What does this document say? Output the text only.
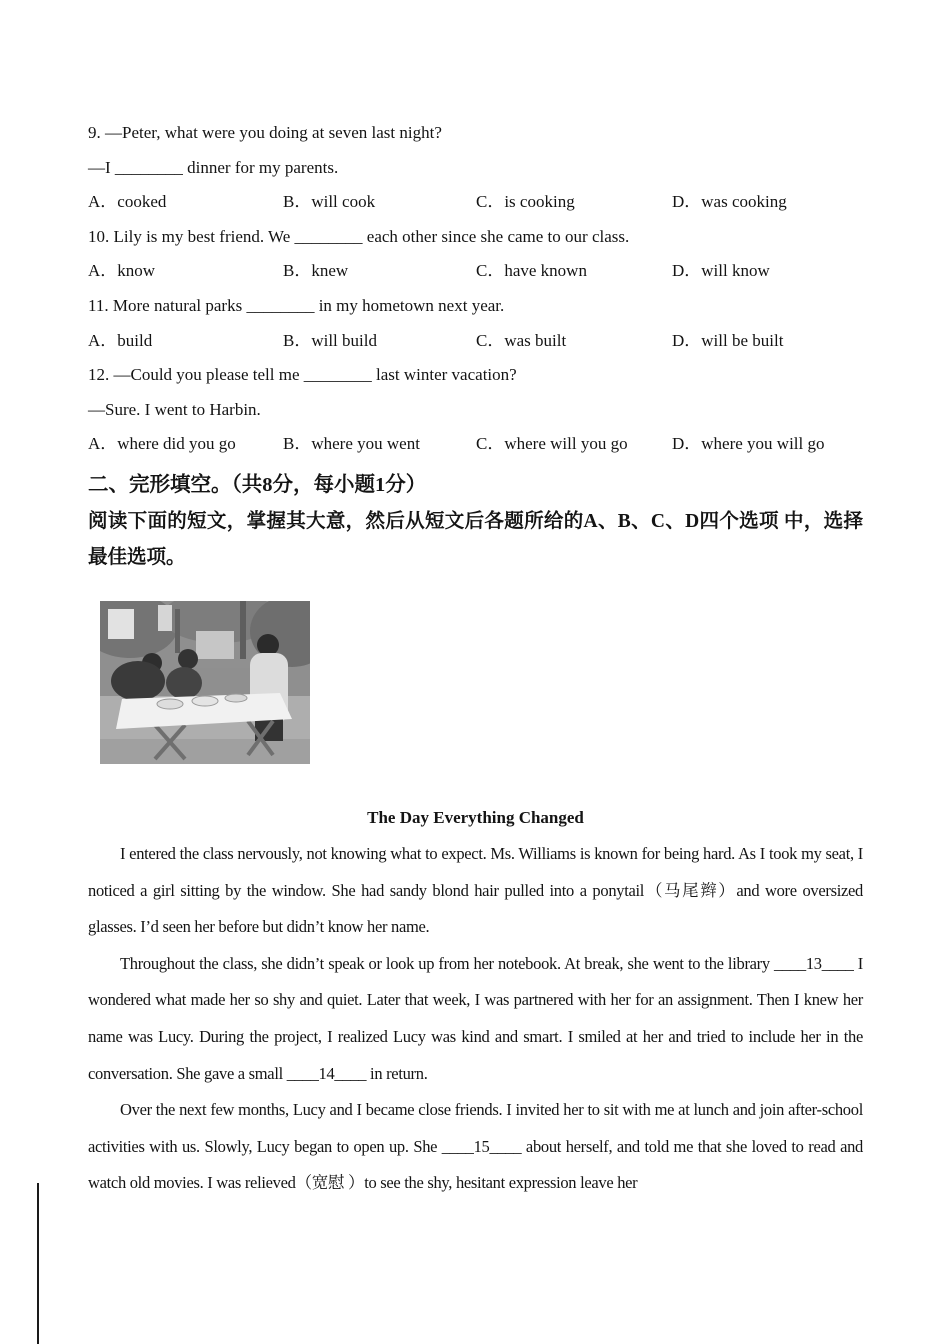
9. —Peter, what were you doing at seven last night?
—I ________ dinner for my parents.
A．cooked	B．will cook	C．is cooking	D．was cooking
10. Lily is my best friend. We ________ each other since she came to our class.
A．know	B．knew	C．have known	D．will know
11. More natural parks ________ in my hometown next year.
A．build	B．will build	C．was built	D．will be built
12. —Could you please tell me ________ last winter vacation?
—Sure. I went to Harbin.
A．where did you go	B．where you went	C．where will you go	D．where you will go
二、完形填空。（共8分，每小题1分）

阅读下面的短文，掌握其大意，然后从短文后各题所给的A、B、C、D四个选项 中，选择最佳选项。

The Day Everything Changed

I entered the class nervously, not knowing what to expect. Ms. Williams is known for being hard. As I took my seat, I noticed a girl sitting by the window. She had sandy blond hair pulled into a ponytail（马尾辫）and wore oversized glasses. I’d seen her before but didn’t know her name.

Throughout the class, she didn’t speak or look up from her notebook. At break, she went to the library ____13____ I wondered what made her so shy and quiet. Later that week, I was partnered with her for an assignment. Then I knew her name was Lucy. During the project, I realized Lucy was kind and smart. I smiled at her and tried to include her in the conversation. She gave a small ____14____ in return.

Over the next few months, Lucy and I became close friends. I invited her to sit with me at lunch and join after-school activities with us. Slowly, Lucy began to open up. She ____15____ about herself, and told me that she loved to read and watch old movies. I was relieved（宽慰 ）to see the shy, hesitant expression leave her
